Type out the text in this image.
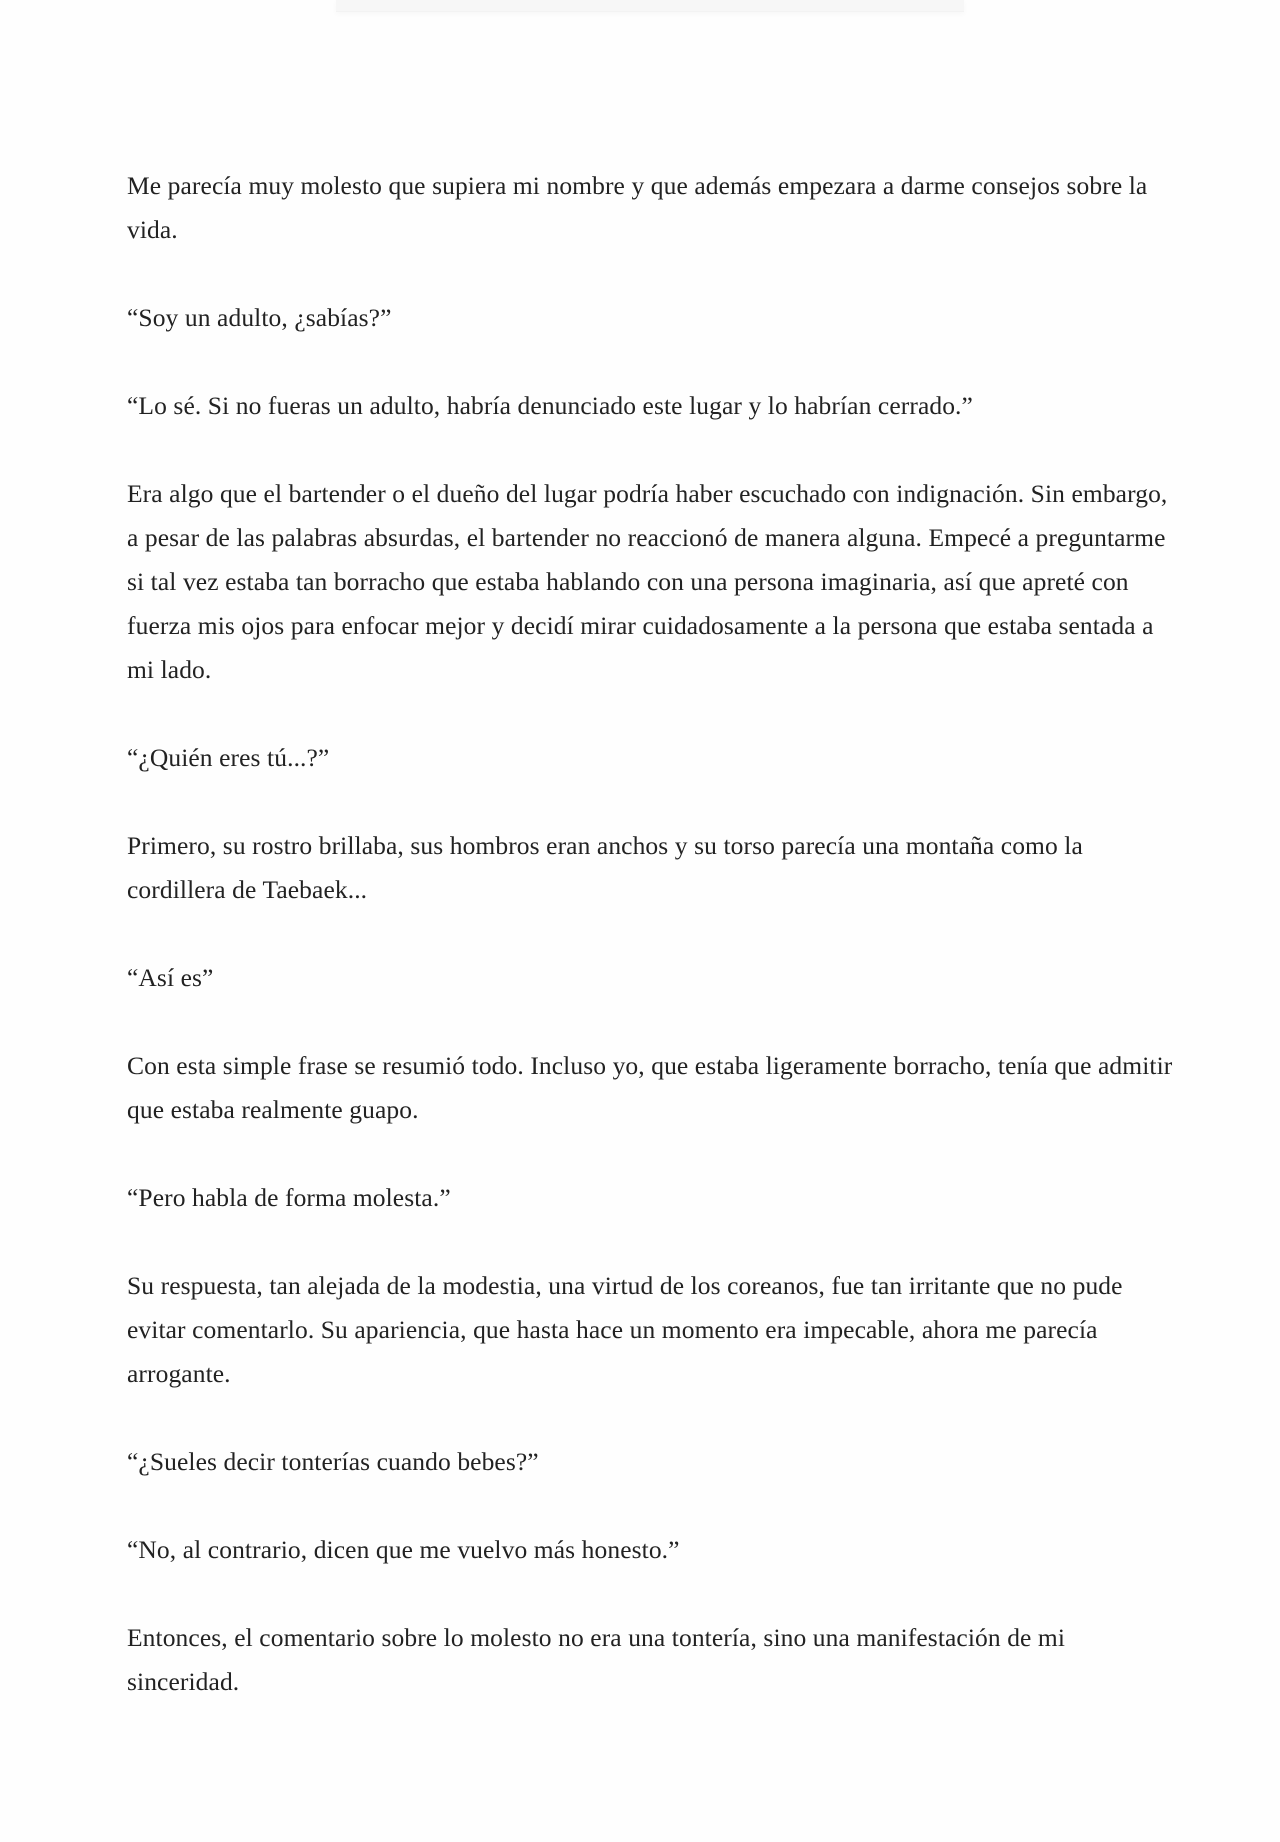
Me parecía muy molesto que supiera mi nombre y que además empezara a darme consejos sobre la vida.

“Soy un adulto, ¿sabías?”

“Lo sé. Si no fueras un adulto, habría denunciado este lugar y lo habrían cerrado.”

Era algo que el bartender o el dueño del lugar podría haber escuchado con indignación. Sin embargo, a pesar de las palabras absurdas, el bartender no reaccionó de manera alguna. Empecé a preguntarme si tal vez estaba tan borracho que estaba hablando con una persona imaginaria, así que apreté con fuerza mis ojos para enfocar mejor y decidí mirar cuidadosamente a la persona que estaba sentada a mi lado.

“¿Quién eres tú...?”

Primero, su rostro brillaba, sus hombros eran anchos y su torso parecía una montaña como la cordillera de Taebaek...

“Así es”

Con esta simple frase se resumió todo. Incluso yo, que estaba ligeramente borracho, tenía que admitir que estaba realmente guapo.

“Pero habla de forma molesta.”

Su respuesta, tan alejada de la modestia, una virtud de los coreanos, fue tan irritante que no pude evitar comentarlo. Su apariencia, que hasta hace un momento era impecable, ahora me parecía arrogante.

“¿Sueles decir tonterías cuando bebes?”

“No, al contrario, dicen que me vuelvo más honesto.”

Entonces, el comentario sobre lo molesto no era una tontería, sino una manifestación de mi sinceridad.
